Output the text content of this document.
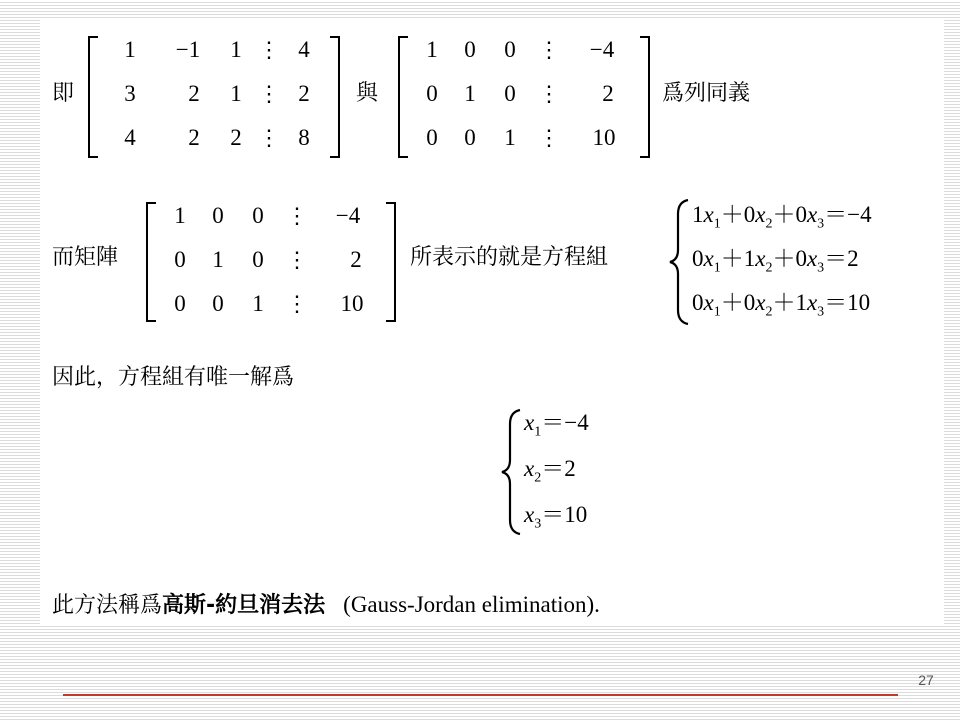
即
1	−1	1 ⋮ 4
3	2	1 ⋮ 2
4	2	2 ⋮ 8
與
1	0	0	⋮	−4
0	1	0	⋮	2
0	0	1	⋮	10
爲列同義
而矩陣
1	0	0	⋮	−4
0	1	0	⋮	2
0	0	1	⋮	10
所表示的就是方程組
$1x_1+0x_2+0x_3=-4$
$0x_1+1x_2+0x_3=2$
$0x_1+0x_2+1x_3=10$
因此，方程組有唯一解爲
$x_1=-4$
$x_2=2$
$x_3=10$
此方法稱爲高斯-約旦消去法 (Gauss-Jordan elimination).
27
